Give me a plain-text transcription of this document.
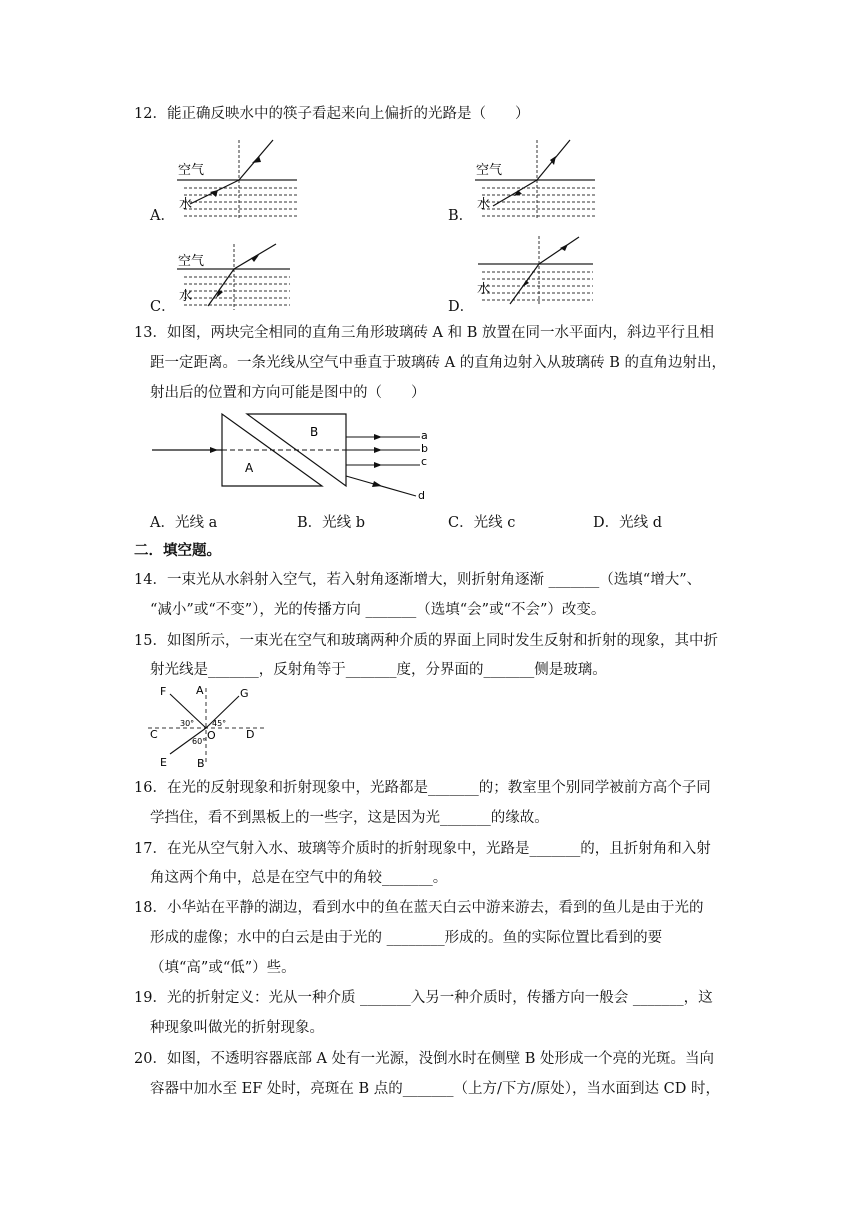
12．能正确反映水中的筷子看起来向上偏折的光路是（　　）
A．
空气
水
B．
空气
水
C．
空气
水
D．
水
13．如图，两块完全相同的直角三角形玻璃砖 A 和 B 放置在同一水平面内，斜边平行且相
距一定距离。一条光线从空气中垂直于玻璃砖 A 的直角边射入从玻璃砖 B 的直角边射出，
射出后的位置和方向可能是图中的（　　）
B
A
a
b
c
d
A．光线 a	B．光线 b	C．光线 c	D．光线 d
二．填空题。
14．一束光从水斜射入空气，若入射角逐渐增大，则折射角逐渐 _______（选填“增大”、
“减小”或“不变”），光的传播方向 _______（选填“会”或“不会”）改变。
15．如图所示，一束光在空气和玻璃两种介质的界面上同时发生反射和折射的现象，其中折
射光线是_______，反射角等于_______度，分界面的_______侧是玻璃。
F	A	G
C	D
O
E	B
30° 45°
60°
16．在光的反射现象和折射现象中，光路都是_______的；教室里个别同学被前方高个子同
学挡住，看不到黑板上的一些字，这是因为光_______的缘故。
17．在光从空气射入水、玻璃等介质时的折射现象中，光路是_______的，且折射角和入射
角这两个角中，总是在空气中的角较_______。
18．小华站在平静的湖边，看到水中的鱼在蓝天白云中游来游去，看到的鱼儿是由于光的
形成的虚像；水中的白云是由于光的 ________形成的。鱼的实际位置比看到的要
（填“高”或“低”）些。
19．光的折射定义：光从一种介质 _______入另一种介质时，传播方向一般会 _______，这
种现象叫做光的折射现象。
20．如图，不透明容器底部 A 处有一光源，没倒水时在侧壁 B 处形成一个亮的光斑。当向
容器中加水至 EF 处时，亮斑在 B 点的_______（上方/下方/原处），当水面到达 CD 时，
